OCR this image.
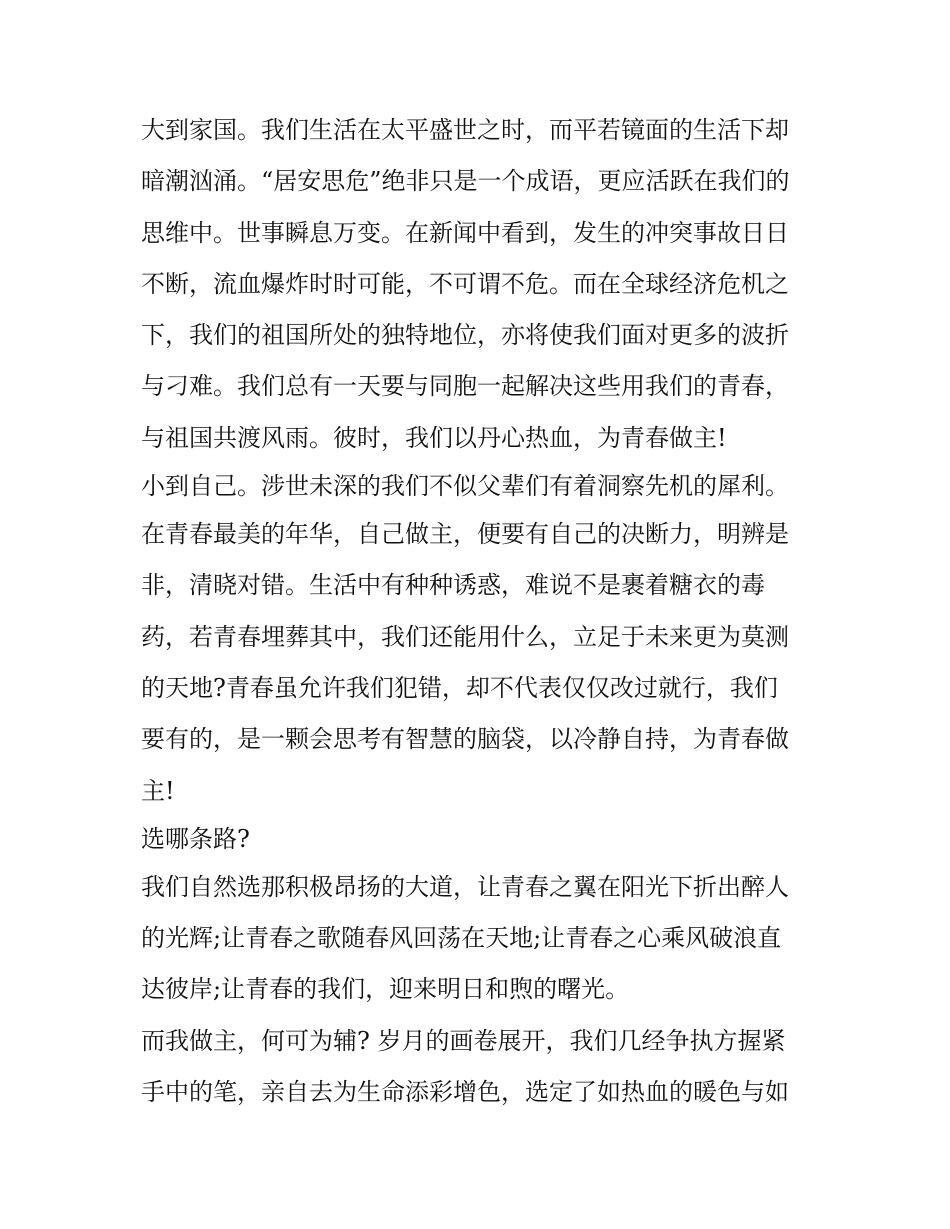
大到家国。我们生活在太平盛世之时，而平若镜面的生活下却
暗潮汹涌。“居安思危”绝非只是一个成语，更应活跃在我们的
思维中。世事瞬息万变。在新闻中看到，发生的冲突事故日日
不断，流血爆炸时时可能，不可谓不危。而在全球经济危机之
下，我们的祖国所处的独特地位，亦将使我们面对更多的波折
与刁难。我们总有一天要与同胞一起解决这些用我们的青春，
与祖国共渡风雨。彼时，我们以丹心热血，为青春做主!
小到自己。涉世未深的我们不似父辈们有着洞察先机的犀利。
在青春最美的年华，自己做主，便要有自己的决断力，明辨是
非，清晓对错。生活中有种种诱惑，难说不是裹着糖衣的毒
药，若青春埋葬其中，我们还能用什么，立足于未来更为莫测
的天地?青春虽允许我们犯错，却不代表仅仅改过就行，我们
要有的，是一颗会思考有智慧的脑袋，以冷静自持，为青春做
主!
选哪条路?
我们自然选那积极昂扬的大道，让青春之翼在阳光下折出醉人
的光辉;让青春之歌随春风回荡在天地;让青春之心乘风破浪直
达彼岸;让青春的我们，迎来明日和煦的曙光。
而我做主，何可为辅? 岁月的画卷展开，我们几经争执方握紧
手中的笔，亲自去为生命添彩增色，选定了如热血的暖色与如
